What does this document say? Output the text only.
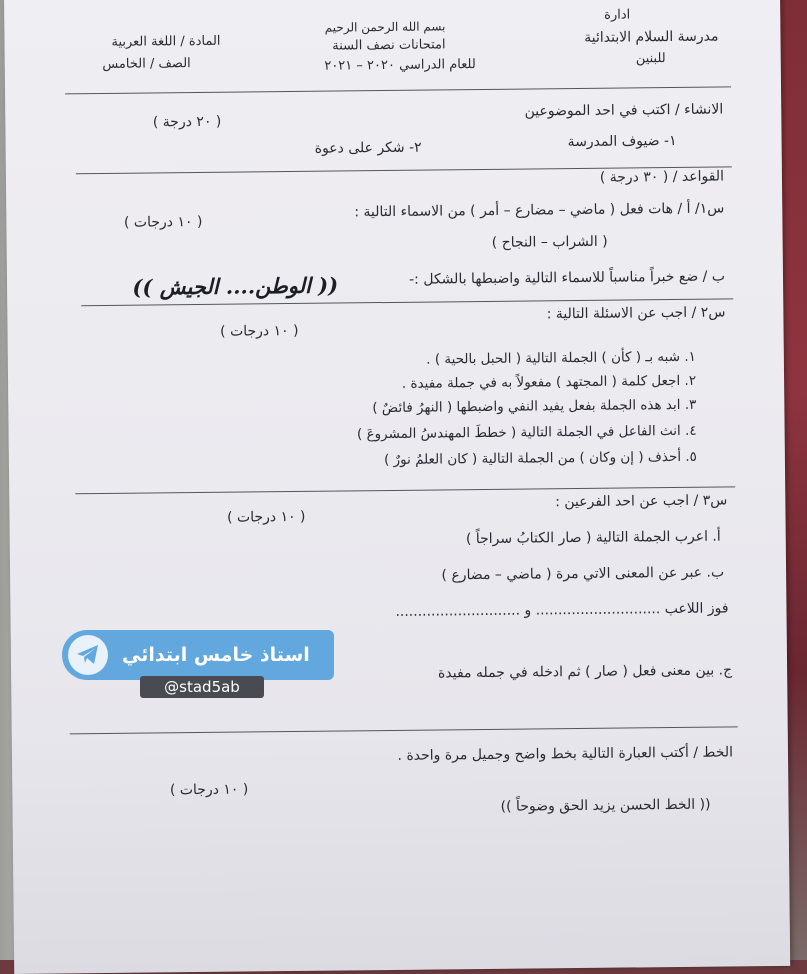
ادارة
مدرسة السلام الابتدائية
للبنين
بسم الله الرحمن الرحيم
امتحانات نصف السنة
للعام الدراسي ٢٠٢٠ – ٢٠٢١
المادة / اللغة العربية
الصف / الخامس
الانشاء / اكتب في احد الموضوعين
( ٢٠ درجة )
١- ضيوف المدرسة
٢- شكر على دعوة
القواعد / ( ٣٠ درجة )
س١/ أ / هات فعل ( ماضي – مضارع – أمر ) من الاسماء التالية :
( ١٠ درجات )
( الشراب – النجاح )
ب / ضع خبراً مناسباً للاسماء التالية واضبطها بالشكل :-
(( الوطن.... الجيش ))
س٢ / اجب عن الاسئلة التالية :
( ١٠ درجات )
١. شبه بـ ( كأن ) الجملة التالية ( الحبل بالحية ) .
٢. اجعل كلمة ( المجتهد ) مفعولاً به في جملة مفيدة .
٣. ابد هذه الجملة بفعل يفيد النفي واضبطها ( النهرُ فائضٌ )
٤. انث الفاعل في الجملة التالية ( خططَ المهندسُ المشروعَ )
٥. أحذف ( إن وكان ) من الجملة التالية ( كان العلمُ نورٌ )
س٣ / اجب عن احد الفرعين :
( ١٠ درجات )
أ. اعرب الجملة التالية ( صار الكتابُ سراجاً )
ب. عبر عن المعنى الاتي مرة ( ماضي – مضارع )
فوز اللاعب ............................ و ............................
ج. بين معنى فعل ( صار ) ثم ادخله في جمله مفيدة
الخط / أكتب العبارة التالية بخط واضح وجميل مرة واحدة .
( ١٠ درجات )
(( الخط الحسن يزيد الحق وضوحاً ))
استاذ خامس ابتدائي
@stad5ab
